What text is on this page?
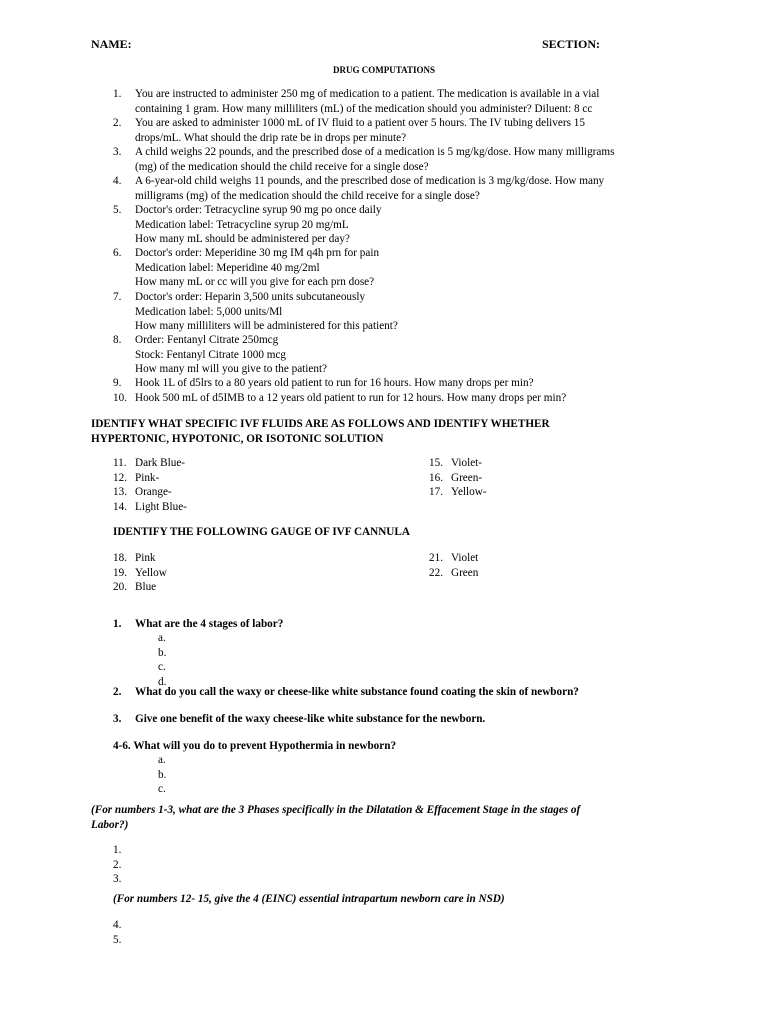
NAME:	SECTION:
DRUG COMPUTATIONS
1.	You are instructed to administer 250 mg of medication to a patient. The medication is available in a vial
containing 1 gram. How many milliliters (mL) of the medication should you administer? Diluent: 8 cc
2.	You are asked to administer 1000 mL of IV fluid to a patient over 5 hours. The IV tubing delivers 15
drops/mL. What should the drip rate be in drops per minute?
3.	A child weighs 22 pounds, and the prescribed dose of a medication is 5 mg/kg/dose. How many milligrams
(mg) of the medication should the child receive for a single dose?
4.	A 6-year-old child weighs 11 pounds, and the prescribed dose of medication is 3 mg/kg/dose. How many
milligrams (mg) of the medication should the child receive for a single dose?
5.	Doctor's order: Tetracycline syrup 90 mg po once daily
Medication label: Tetracycline syrup 20 mg/mL
How many mL should be administered per day?
6.	Doctor's order: Meperidine 30 mg IM q4h prn for pain
Medication label: Meperidine 40 mg/2ml
How many mL or cc will you give for each prn dose?
7.	Doctor's order: Heparin 3,500 units subcutaneously
Medication label: 5,000 units/Ml
How many milliliters will be administered for this patient?
8.	Order: Fentanyl Citrate 250mcg
Stock: Fentanyl Citrate 1000 mcg
How many ml will you give to the patient?
9.	Hook 1L of d5lrs to a 80 years old patient to run for 16 hours. How many drops per min?
10. Hook 500 mL of d5IMB to a 12 years old patient to run for 12 hours. How many drops per min?
IDENTIFY WHAT SPECIFIC IVF FLUIDS ARE AS FOLLOWS AND IDENTIFY WHETHER
HYPERTONIC, HYPOTONIC, OR ISOTONIC SOLUTION
11. Dark Blue-
12. Pink-
13. Orange-
14. Light Blue-
15. Violet-
16. Green-
17. Yellow-
IDENTIFY THE FOLLOWING GAUGE OF IVF CANNULA
18. Pink
19. Yellow
20. Blue
21. Violet
22. Green
1. What are the 4 stages of labor?
a.
b.
c.
d.
2. What do you call the waxy or cheese-like white substance found coating the skin of newborn?
3. Give one benefit of the waxy cheese-like white substance for the newborn.
4-6. What will you do to prevent Hypothermia in newborn?
a.
b.
c.
(For numbers 1-3, what are the 3 Phases specifically in the Dilatation & Effacement Stage in the stages of
Labor?)
1.
2.
3.
(For numbers 12- 15, give the 4 (EINC) essential intrapartum newborn care in NSD)
4.
5.
